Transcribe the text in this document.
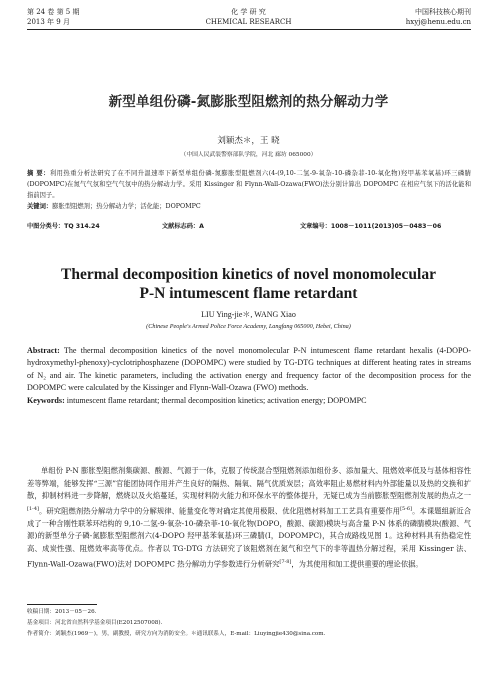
第 24 卷 第 5 期
2013 年 9 月
化 学 研 究
CHEMICAL RESEARCH
中国科技核心期刊
hxyj@henu.edu.cn
新型单组份磷-氮膨胀型阻燃剂的热分解动力学
刘颖杰＊，王 晓
（中国人民武装警察部队学院，河北 廊坊 065000）
摘 要：利用热重分析法研究了在不同升温速率下新型单组份磷-氮膨胀型阻燃剂六(4-(9,10-二氢-9-氧杂-10-磷杂菲-10-氧化物)羟甲基苯氧基)环三磷腈(DOPOMPC)在氮气气氛和空气气氛中的热分解动力学。采用 Kissinger 和 Flynn-Wall-Ozawa(FWO)法分别计算出 DOPOMPC 在相应气氛下的活化能和指前因子。
关键词：膨胀型阻燃剂；热分解动力学；活化能；DOPOMPC
中图分类号：TQ 314.24	文献标志码：A	文章编号：1008－1011(2013)05－0483－06
Thermal decomposition kinetics of novel monomolecular
P-N intumescent flame retardant
LIU Ying-jie＊, WANG Xiao
(Chinese People's Armed Police Force Academy, Langfang 065000, Hebei, China)
Abstract: The thermal decomposition kinetics of the novel monomolecular P-N intumescent flame retardant hexalis (4-DOPO-hydroxymethyl-phenoxy)-cyclotriphosphazene (DOPOMPC) were studied by TG-DTG techniques at different heating rates in streams of N₂ and air. The kinetic parameters, including the activation energy and frequency factor of the decomposition process for the DOPOMPC were calculated by the Kissinger and Flynn-Wall-Ozawa (FWO) methods.
Keywords: intumescent flame retardant; thermal decomposition kinetics; activation energy; DOPOMPC
单组份 P-N 膨胀型阻燃剂集碳源、酸源、气源于一体，克服了传统混合型阻燃剂添加组份多、添加量大、阻燃效率低及与基体相容性差等弊端，能够发挥“三源”官能团协同作用并产生良好的隔热、隔氧、隔气优质炭层；高效率阻止易燃材料内外部能量以及热的交换和扩散，抑制材料进一步降解，燃烧以及火焰蔓延，实现材料防火能力和环保水平的整体提升，无疑已成为当前膨胀型阻燃剂发展的热点之一[1-4]。研究阻燃剂热分解动力学中的分解规律、能量变化等对确定其使用极限、优化阻燃材料加工工艺具有重要作用[5-6]。本课题组新近合成了一种含刚性联苯环结构的 9,10-二氢-9-氧杂-10-磷杂菲-10-氧化物(DOPO，酸源、碳源)模块与高含量 P-N 体系的磷腈模块(酸源、气源)的新型单分子磷-氮膨胀型阻燃剂六(4-DOPO 羟甲基苯氧基)环三磷腈(Ⅰ，DOPOMPC)，其合成路线见图 1。这种材料具有热稳定性高、成炭性强、阻燃效率高等优点。作者以 TG-DTG 方法研究了该阻燃剂在氮气和空气下的非等温热分解过程，采用 Kissinger 法、Flynn-Wall-Ozawa(FWO)法对 DOPOMPC 热分解动力学参数进行分析研究[7-8]，为其使用和加工提供重要的理论依据。
收稿日期：2013－05－26.
基金项目：河北省自然科学基金项目(E2012507008).
作者简介：刘颖杰(1969－)，男，副教授，研究方向为消防安全。＊通讯联系人，E-mail：Liuyingjie430@sina.com.
